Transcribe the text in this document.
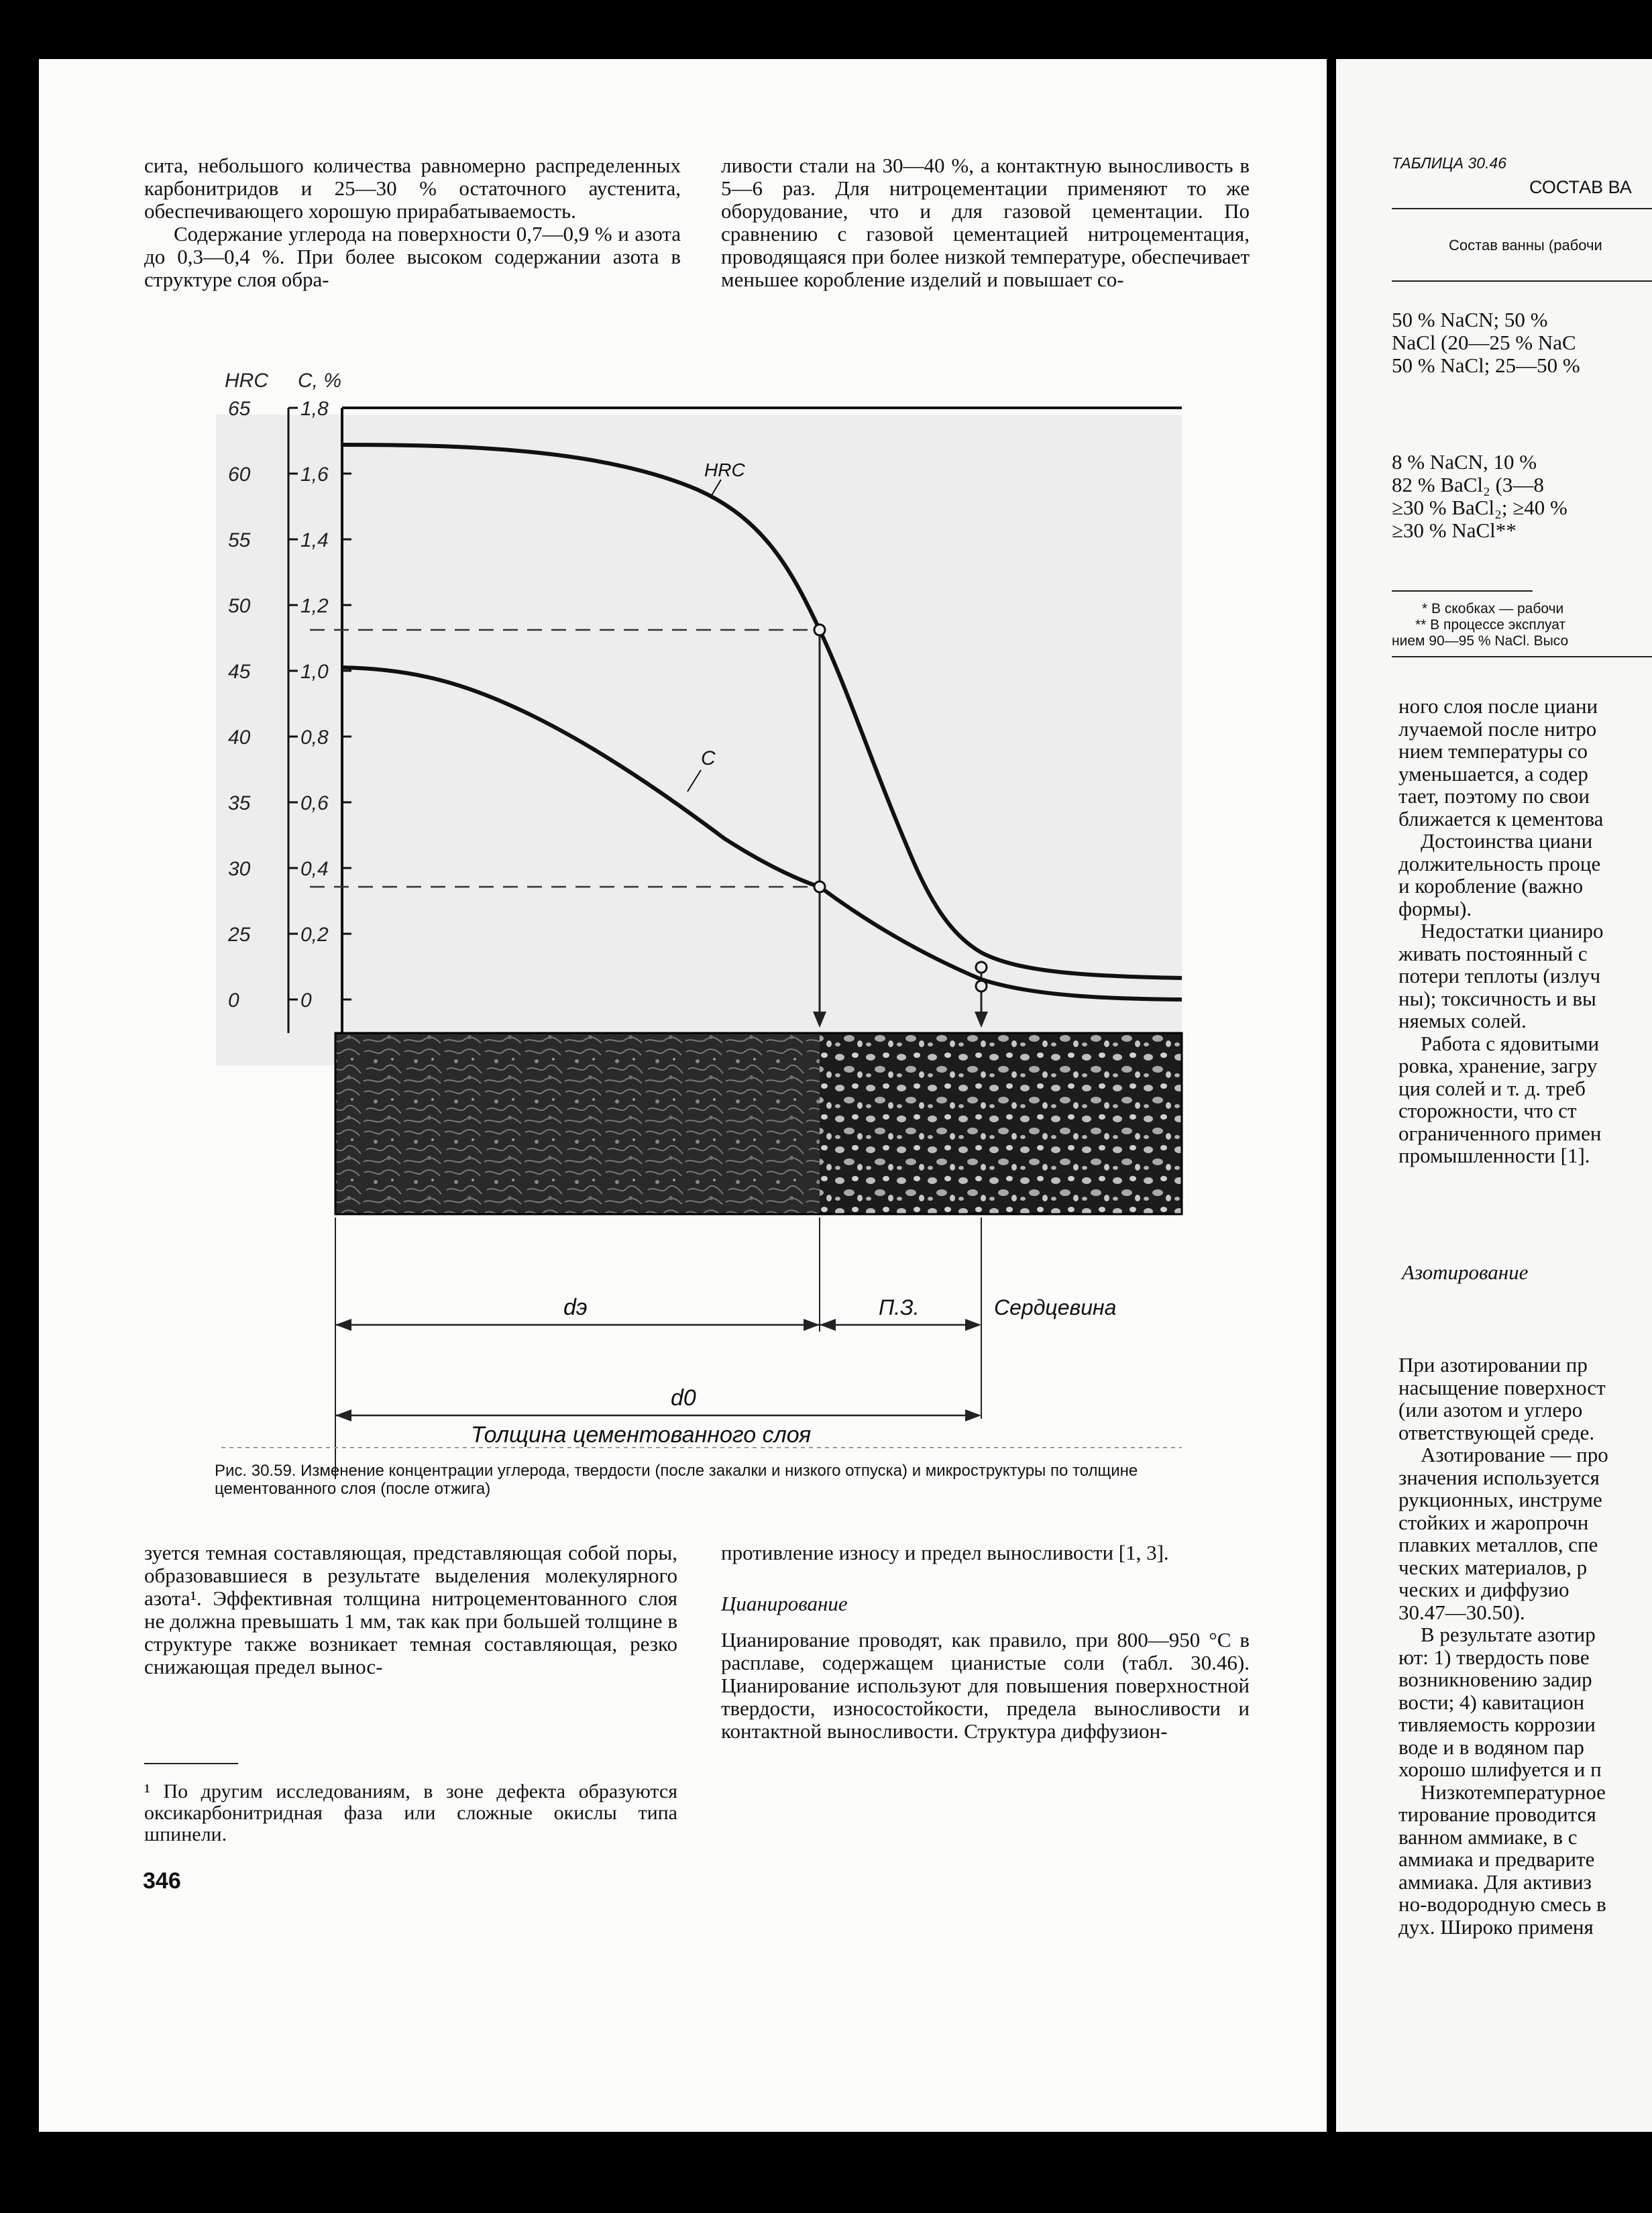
сита, небольшого количества равномерно распределенных карбонитридов и 25—30 % остаточного аустенита, обеспечивающего хорошую прирабатываемость.

Содержание углерода на поверхности 0,7—0,9 % и азота до 0,3—0,4 %. При более высоком содержании азота в структуре слоя обра-

ливости стали на 30—40 %, а контактную выносливость в 5—6 раз. Для нитроцементации применяют то же оборудование, что и для газовой цементации. По сравнению с газовой цементацией нитроцементация, проводящаяся при более низкой температуре, обеспечивает меньшее коробление изделий и повышает со-

HRC C, %
65 1,8
60 1,6
55 1,4
50 1,2
45 1,0
40 0,8
35 0,6
30 0,4
25 0,2
0	0
HRC
C
dэ	П.З.	Сердцевина
d0
Толщина цементованного слоя
Рис. 30.59. Изменение концентрации углерода, твердости (после закалки и низкого отпуска) и микроструктуры по толщине цементованного слоя (после отжига)

зуется темная составляющая, представляющая собой поры, образовавшиеся в результате выделения молекулярного азота¹. Эффективная толщина нитроцементованного слоя не должна превышать 1 мм, так как при большей толщине в структуре также возникает темная составляющая, резко снижающая предел вынос-

¹ По другим исследованиям, в зоне дефекта образуются оксикарбонитридная фаза или сложные окислы типа шпинели.

противление износу и предел выносливости [1, 3].

Цианирование

Цианирование проводят, как правило, при 800—950 °С в расплаве, содержащем цианистые соли (табл. 30.46). Цианирование используют для повышения поверхностной твердости, износостойкости, предела выносливости и контактной выносливости. Структура диффузион-

346
ТАБЛИЦА 30.46
СОСТАВ ВА
Состав ванны (рабочи
50 % NaCN; 50 %
NaCl (20—25 % NaC
50 % NaCl; 25—50 %
8 % NaCN, 10 %
82 % BaCl₂ (3—8
≥30 % BaCl₂; ≥40 %
≥30 % NaCl**
* В скобках — рабочи
** В процессе эксплуат
нием 90—95 % NaCl. Высо
ного слоя после циани
лучаемой после нитро
нием температуры со
уменьшается, а содер
тает, поэтому по свои
ближается к цементова
Достоинства циани
должительность проце
и коробление (важно
формы).
Недостатки цианиро
живать постоянный с
потери теплоты (излуч
ны); токсичность и вы
няемых солей.
Работа с ядовитыми
ровка, хранение, загру
ция солей и т. д. треб
сторожности, что ст
ограниченного примен
промышленности [1].
Азотирование
При азотировании пр
насыщение поверхност
(или азотом и углеро
ответствующей среде.
Азотирование — про
значения используется
рукционных, инструме
стойких и жаропрочн
плавких металлов, спе
ческих материалов, р
ческих и диффузио
30.47—30.50).
В результате азотир
ют: 1) твердость пове
возникновению задир
вости; 4) кавитацион
тивляемость коррозии
воде и в водяном пар
хорошо шлифуется и п
Низкотемпературное
тирование проводится
ванном аммиаке, в с
аммиака и предварите
аммиака. Для активиз
но-водородную смесь в
дух. Широко применя
